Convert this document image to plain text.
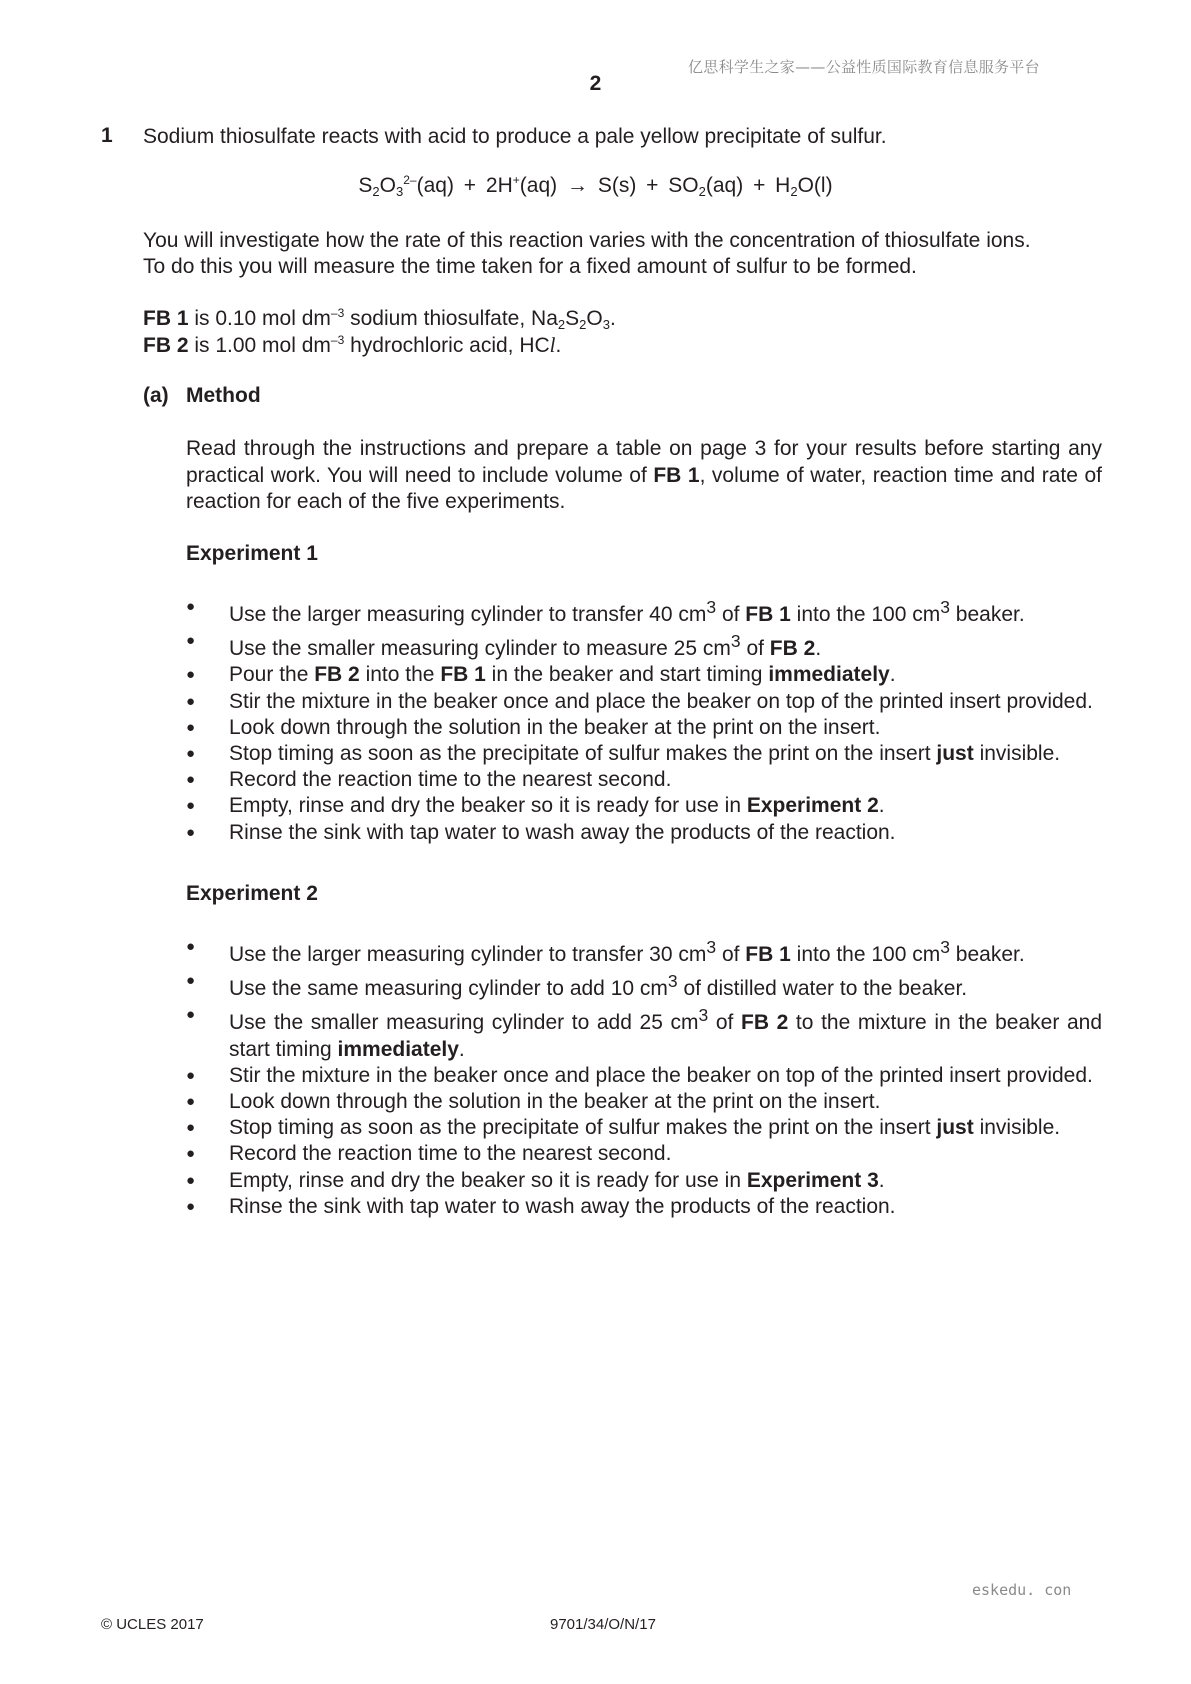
亿思科学生之家——公益性质国际教育信息服务平台
2
1 Sodium thiosulfate reacts with acid to produce a pale yellow precipitate of sulfur.
$S_2O_3^{2-}(aq) + 2H^+(aq) \to S(s) + SO_2(aq) + H_2O(l)$
You will investigate how the rate of this reaction varies with the concentration of thiosulfate ions.
To do this you will measure the time taken for a fixed amount of sulfur to be formed.
FB 1 is 0.10 mol $dm^{-3}$ sodium thiosulfate, $Na_2S_2O_3$.
FB 2 is 1.00 mol $dm^{-3}$ hydrochloric acid, HCl.
(a) Method
Read through the instructions and prepare a table on page 3 for your results before starting any practical work. You will need to include volume of FB 1, volume of water, reaction time and rate of reaction for each of the five experiments.
Experiment 1
● Use the larger measuring cylinder to transfer 40 $cm^3$ of FB 1 into the 100 $cm^3$ beaker.
● Use the smaller measuring cylinder to measure 25 $cm^3$ of FB 2.
● Pour the FB 2 into the FB 1 in the beaker and start timing immediately.
● Stir the mixture in the beaker once and place the beaker on top of the printed insert provided.
● Look down through the solution in the beaker at the print on the insert.
● Stop timing as soon as the precipitate of sulfur makes the print on the insert just invisible.
● Record the reaction time to the nearest second.
● Empty, rinse and dry the beaker so it is ready for use in Experiment 2.
● Rinse the sink with tap water to wash away the products of the reaction.
Experiment 2
● Use the larger measuring cylinder to transfer 30 $cm^3$ of FB 1 into the 100 $cm^3$ beaker.
● Use the same measuring cylinder to add 10 $cm^3$ of distilled water to the beaker.
● Use the smaller measuring cylinder to add 25 $cm^3$ of FB 2 to the mixture in the beaker and start timing immediately.
● Stir the mixture in the beaker once and place the beaker on top of the printed insert provided.
● Look down through the solution in the beaker at the print on the insert.
● Stop timing as soon as the precipitate of sulfur makes the print on the insert just invisible.
● Record the reaction time to the nearest second.
● Empty, rinse and dry the beaker so it is ready for use in Experiment 3.
● Rinse the sink with tap water to wash away the products of the reaction.
eskedu. con
© UCLES 2017	9701/34/O/N/17
